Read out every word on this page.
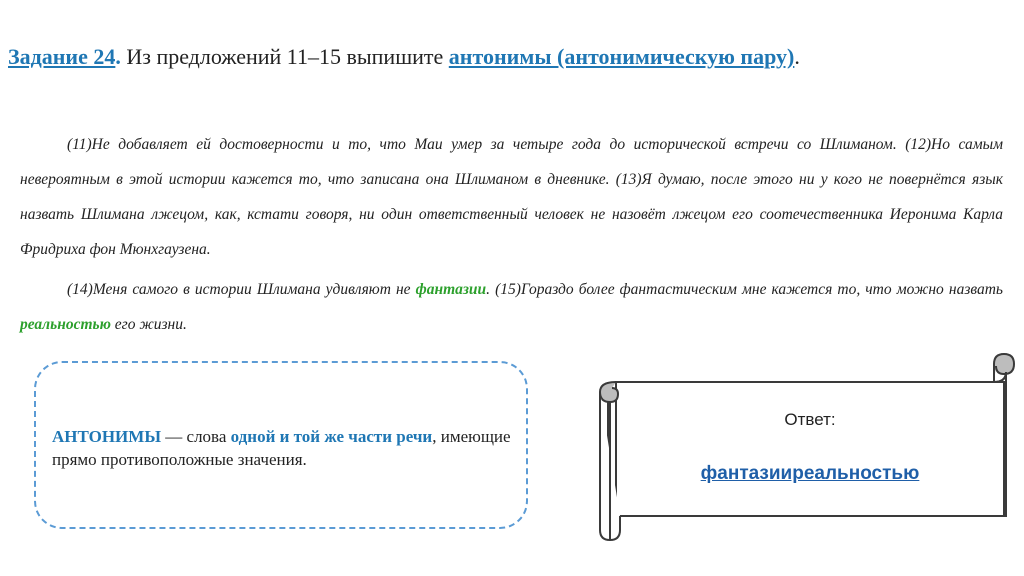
Задание 24. Из предложений 11–15 выпишите антонимы (антонимическую пару).

(11)Не добавляет ей достоверности и то, что Маи умер за четыре года до исторической встречи со Шлиманом. (12)Но самым невероятным в этой истории кажется то, что записана она Шлиманом в дневнике. (13)Я думаю, после этого ни у кого не повернётся язык назвать Шлимана лжецом, как, кстати говоря, ни один ответственный человек не назовёт лжецом его соотечественника Иеронима Карла Фридриха фон Мюнхгаузена.

(14)Меня самого в истории Шлимана удивляют не фантазии. (15)Гораздо более фантастическим мне кажется то, что можно назвать реальностью его жизни.

АНТОНИМЫ — слова одной и той же части речи, имеющие прямо противоположные значения.
Ответ:
фантазииреальностью
